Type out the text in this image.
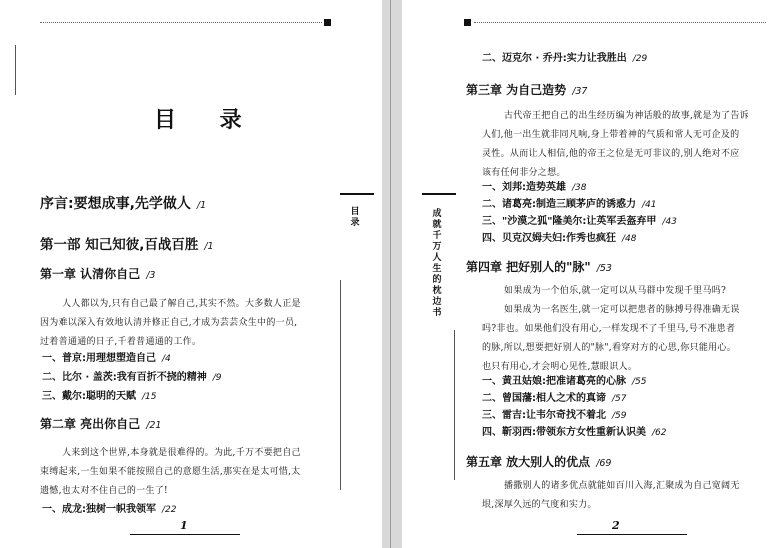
目 录
序言:要想成事,先学做人 /1
第一部 知己知彼,百战百胜 /1
第一章 认清你自己 /3
人人都以为,只有自己最了解自己,其实不然。大多数人正是
因为难以深入有效地认清并修正自己,才成为芸芸众生中的一员,
过着普通通的日子,千着普通通的工作。
一、普京:用理想塑造自己 /4
二、比尔 · 盖茨:我有百折不挠的精神 /9
三、戴尔:聪明的天赋 /15
第二章 亮出你自己 /21
人来到这个世界,本身就是很难得的。为此,千万不要把自己
束缚起来,一生如果不能按照自己的意愿生活,那实在是太可惜,太
遗憾,也太对不住自己的一生了!
一、成龙:独树一帜我领军 /22
目录
1
二、迈克尔 · 乔丹:实力让我胜出 /29
第三章 为自己造势 /37
古代帝王把自己的出生经历编为神话般的故事,就是为了告诉
人们,他一出生就非同凡响,身上带着神的气质和常人无可企及的
灵性。从而让人相信,他的帝王之位是无可非议的,别人绝对不应
该有任何非分之想。
一、刘邦:造势英雄 /38
二、诸葛亮:制造三顾茅庐的诱惑力 /41
三、"沙漠之狐"隆美尔:让英军丢盔弃甲 /43
四、贝克汉姆夫妇:作秀也疯狂 /48
第四章 把好别人的"脉" /53
如果成为一个伯乐,就一定可以从马群中发现千里马吗?
如果成为一名医生,就一定可以把患者的脉搏号得准确无误
吗?非也。如果他们没有用心,一样发现不了千里马,号不准患者
的脉,所以,想要把好别人的"脉",看穿对方的心思,你只能用心。
也只有用心,才会明心见性,慧眼识人。
一、黄丑姑娘:把准诸葛亮的心脉 /55
二、曾国藩:相人之术的真谛 /57
三、雷吉:让韦尔奇找不着北 /59
四、靳羽西:带领东方女性重新认识美 /62
第五章 放大别人的优点 /69
播撒别人的诸多优点就能如百川入海,汇聚成为自己宽阔无
垠,深厚久远的气度和实力。
成就千万人生的枕边书
2
